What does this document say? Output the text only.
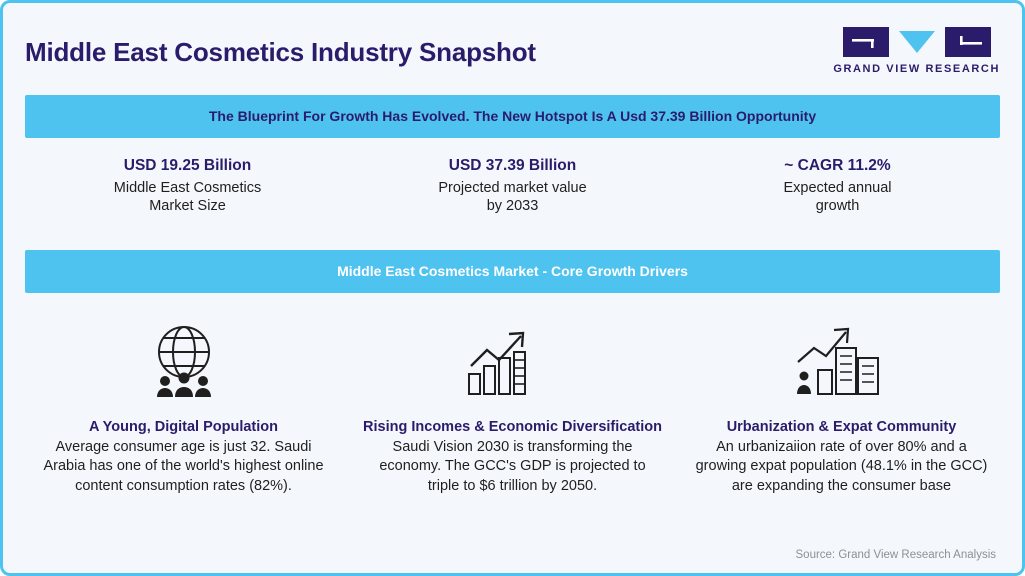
Middle East Cosmetics Industry Snapshot
GRAND VIEW RESEARCH
The Blueprint For Growth Has Evolved. The New Hotspot Is A Usd 37.39 Billion Opportunity
USD 19.25 Billion
Middle East Cosmetics
Market Size
USD 37.39 Billion
Projected market value
by 2033
~ CAGR 11.2%
Expected annual
growth
Middle East Cosmetics Market - Core Growth Drivers
A Young, Digital Population
Average consumer age is just 32. Saudi Arabia has one of the world's highest online content consumption rates (82%).
Rising Incomes & Economic Diversification
Saudi Vision 2030 is transforming the economy. The GCC's GDP is projected to triple to $6 trillion by 2050.
Urbanization & Expat Community
An urbanizaiion rate of over 80% and a growing expat population (48.1% in the GCC) are expanding the consumer base
Source: Grand View Research Analysis
